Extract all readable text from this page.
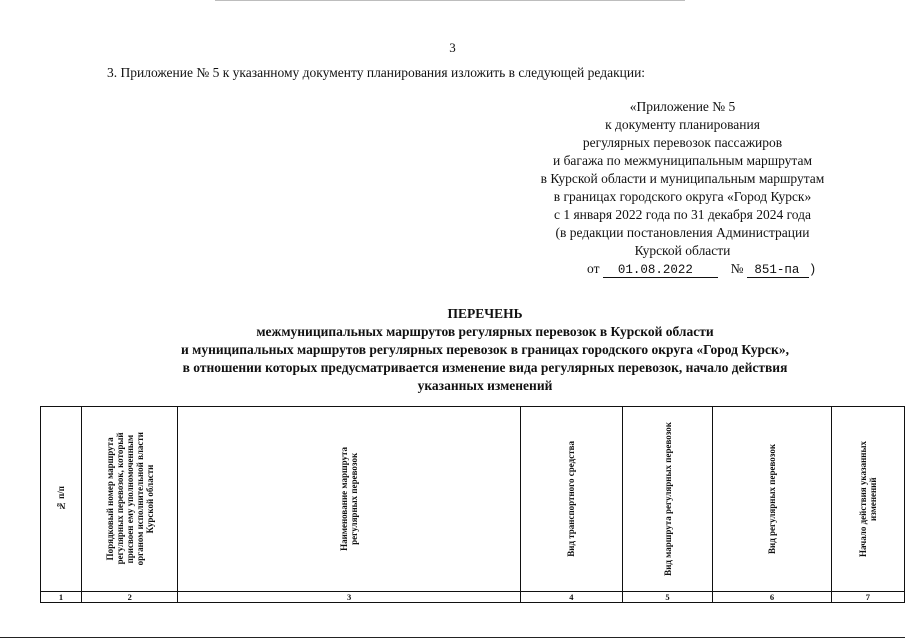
3
3. Приложение № 5 к указанному документу планирования изложить в следующей редакции:
«Приложение № 5
к документу планирования
регулярных перевозок пассажиров
и багажа по межмуниципальным маршрутам
в Курской области и муниципальным маршрутам
в границах городского округа «Город Курск»
с 1 января 2022 года по 31 декабря 2024 года
(в редакции постановления Администрации
Курской области
от 01.08.2022	№ 851-па )
ПЕРЕЧЕНЬ
межмуниципальных маршрутов регулярных перевозок в Курской области
и муниципальных маршрутов регулярных перевозок в границах городского округа «Город Курск»,
в отношении которых предусматривается изменение вида регулярных перевозок, начало действия
указанных изменений
№ п/п	Порядковый номер маршрута
регулярных перевозок, который
присвоен ему уполномоченным
органом исполнительной власти
Курской области	Наименование маршрута
регулярных перевозок	Вид транспортного средства	Вид маршрута регулярных перевозок	Вид регулярных перевозок	Начало действия указанных
изменений

1	2	3	4	5	6	7
